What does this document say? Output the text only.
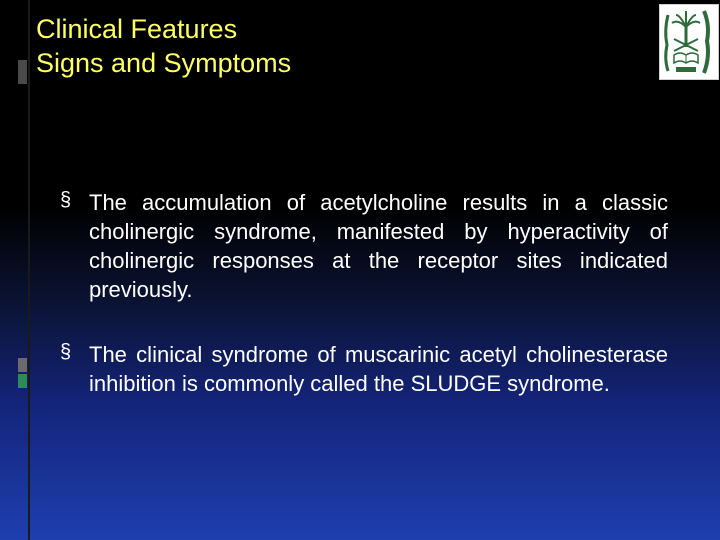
Clinical Features
Signs and Symptoms
§ The accumulation of acetylcholine results in a classic cholinergic syndrome, manifested by hyperactivity of cholinergic responses at the receptor sites indicated previously.
§ The clinical syndrome of muscarinic acetyl cholinesterase inhibition is commonly called the SLUDGE syndrome.
